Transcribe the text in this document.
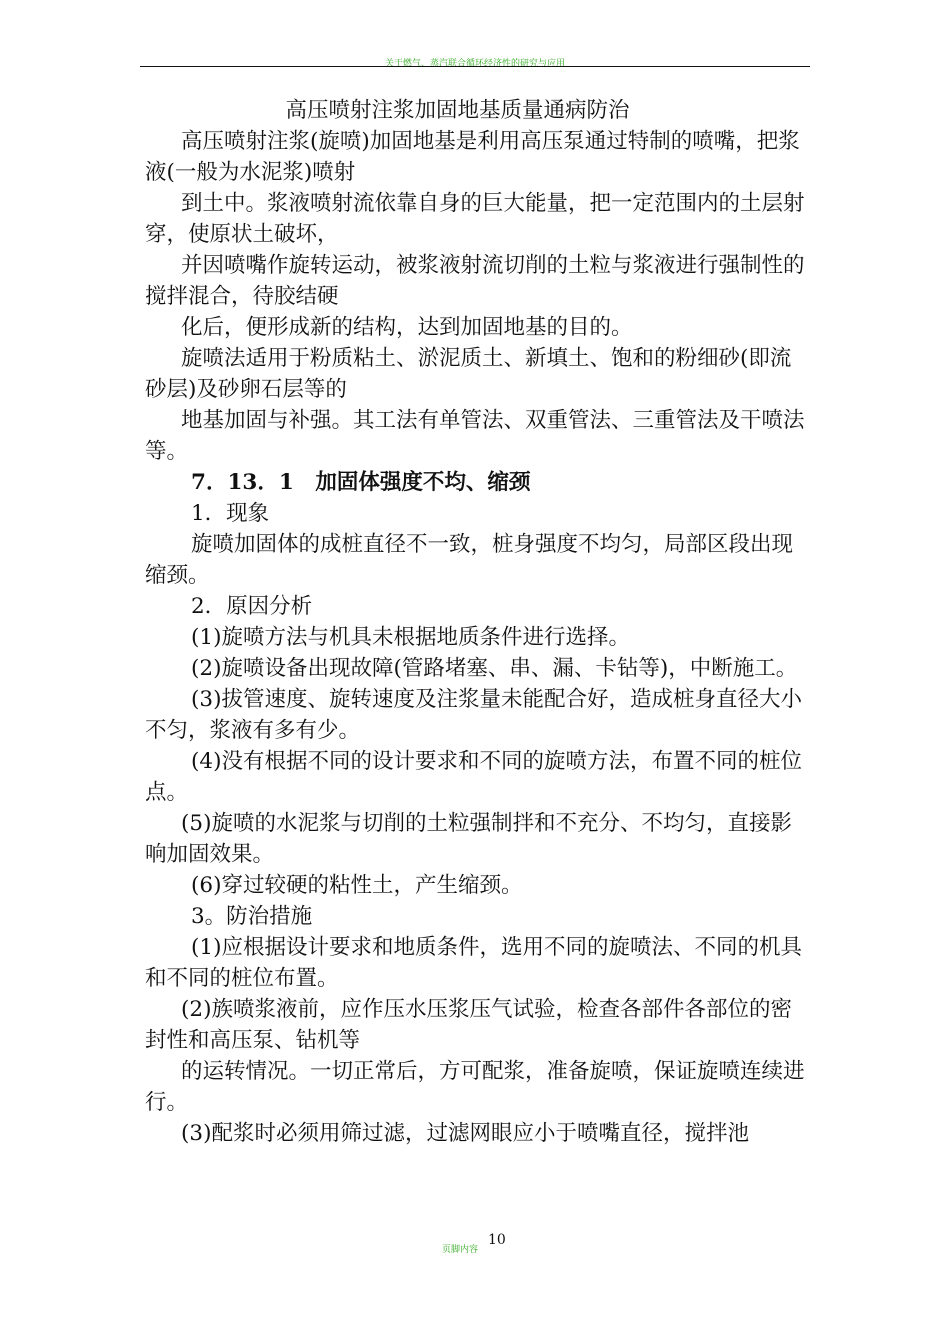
关于燃气、蒸汽联合循环经济性的研究与应用

高压喷射注浆加固地基质量通病防治

高压喷射注浆(旋喷)加固地基是利用高压泵通过特制的喷嘴，把浆液(一般为水泥浆)喷射

到土中。浆液喷射流依靠自身的巨大能量，把一定范围内的土层射穿，使原状土破坏，

并因喷嘴作旋转运动，被浆液射流切削的土粒与浆液进行强制性的搅拌混合，待胶结硬

化后，便形成新的结构，达到加固地基的目的。

旋喷法适用于粉质粘土、淤泥质土、新填土、饱和的粉细砂(即流砂层)及砂卵石层等的

地基加固与补强。其工法有单管法、双重管法、三重管法及干喷法等。

7．13．1　加固体强度不均、缩颈

1．现象

旋喷加固体的成桩直径不一致，桩身强度不均匀，局部区段出现缩颈。

2．原因分析

(1)旋喷方法与机具未根据地质条件进行选择。

(2)旋喷设备出现故障(管路堵塞、串、漏、卡钻等)，中断施工。

(3)拔管速度、旋转速度及注浆量未能配合好，造成桩身直径大小不匀，浆液有多有少。

(4)没有根据不同的设计要求和不同的旋喷方法，布置不同的桩位点。

(5)旋喷的水泥浆与切削的土粒强制拌和不充分、不均匀，直接影响加固效果。

(6)穿过较硬的粘性土，产生缩颈。

3。防治措施

(1)应根据设计要求和地质条件，选用不同的旋喷法、不同的机具和不同的桩位布置。

(2)族喷浆液前，应作压水压浆压气试验，检查各部件各部位的密封性和高压泵、钻机等

的运转情况。一切正常后，方可配浆，准备旋喷，保证旋喷连续进行。

(3)配浆时必须用筛过滤，过滤网眼应小于喷嘴直径，搅拌池

10
页脚内容
